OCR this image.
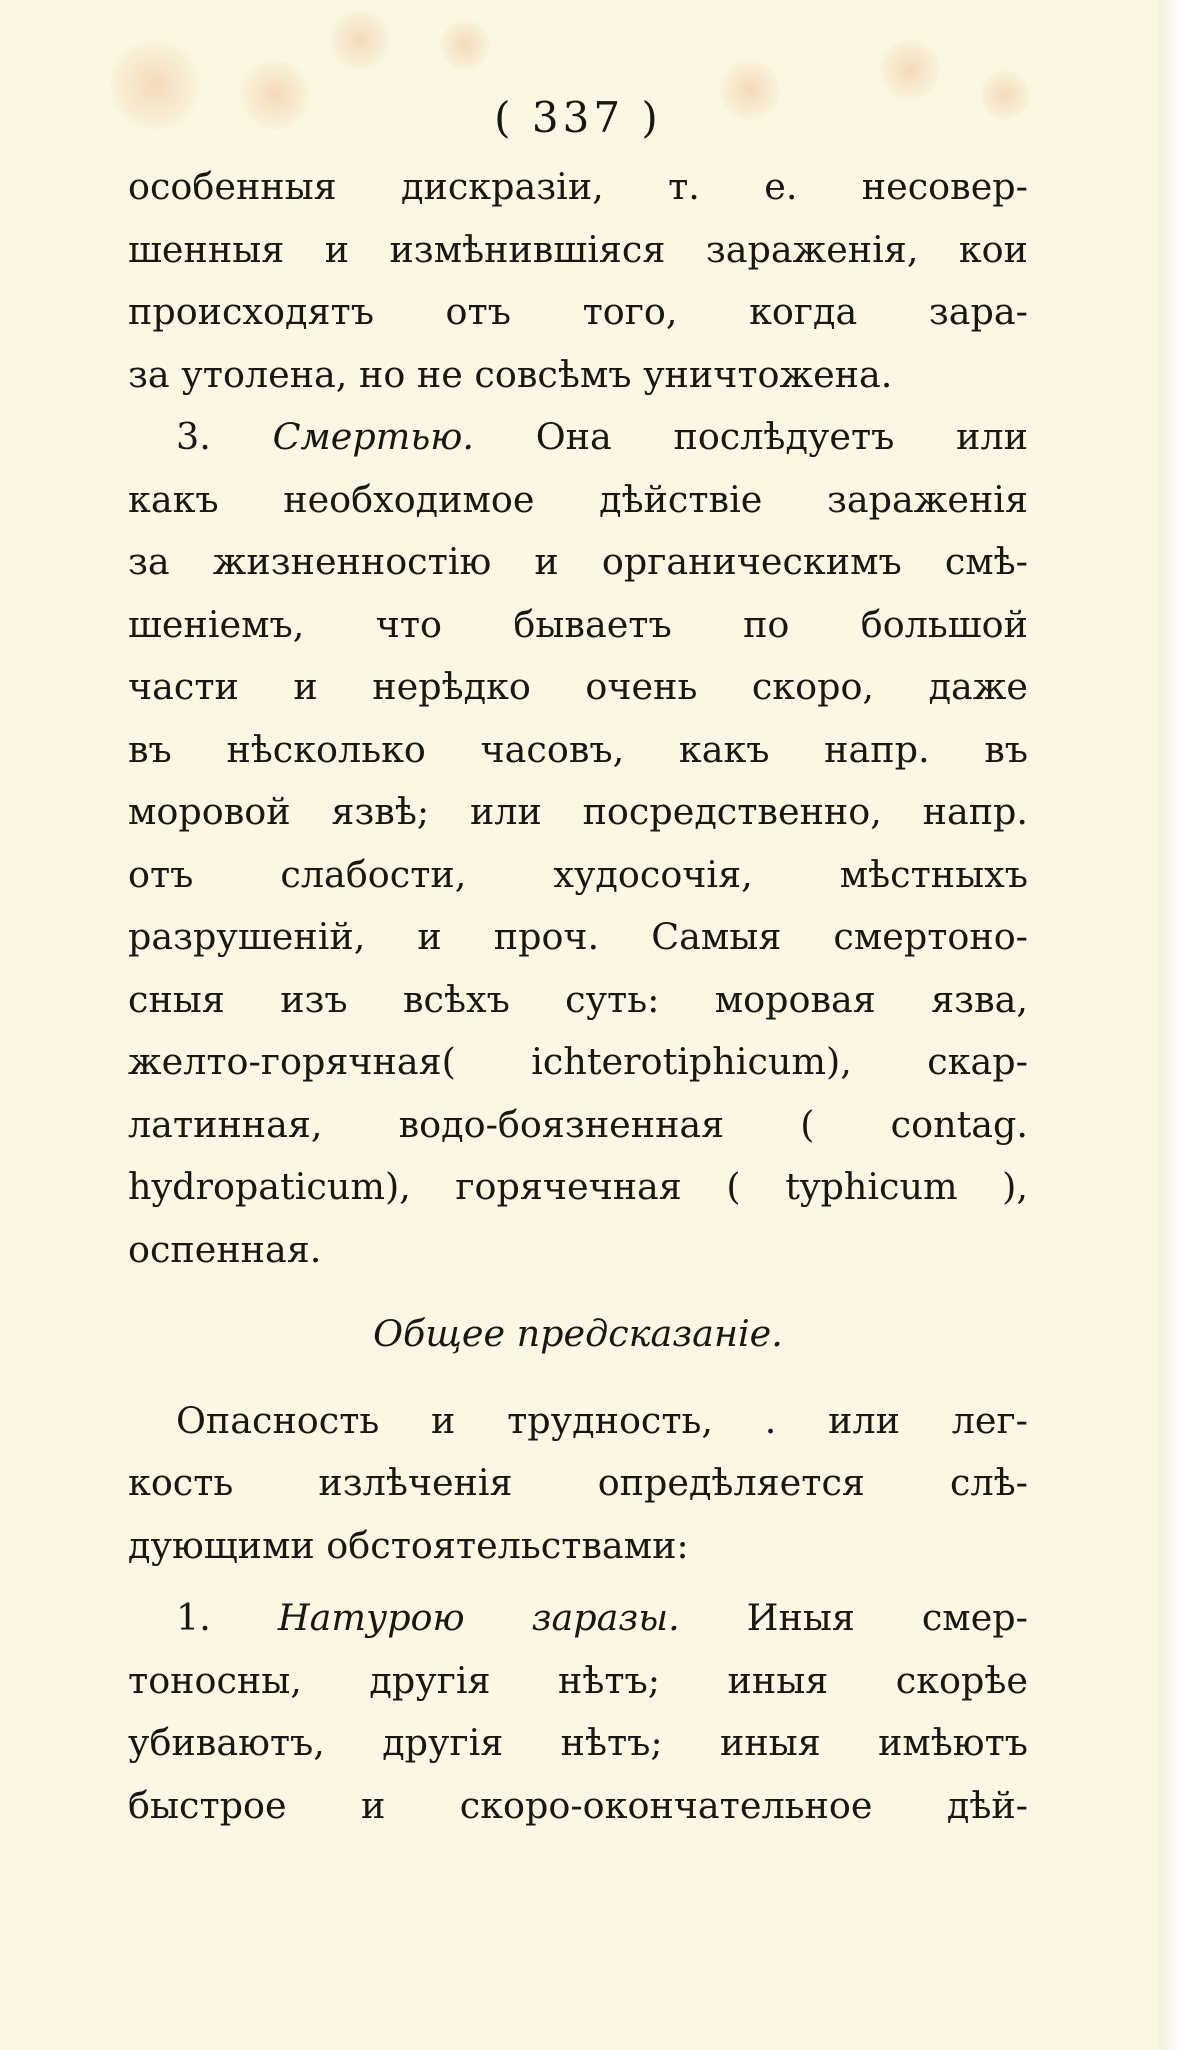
( 337 )
особенныя дискразіи, т. е. несовер-
шенныя и измѣнившіяся зараженія, кои
происходятъ отъ того, когда зара-
за утолена, но не совсѣмъ уничтожена.
3. Смертью. Она послѣдуетъ или
какъ необходимое дѣйствіе зараженія
за жизненностію и органическимъ смѣ-
шеніемъ, что бываетъ по большой
части и нерѣдко очень скоро, даже
въ нѣсколько часовъ, какъ напр. въ
моровой язвѣ; или посредственно, напр.
отъ слабости, худосочія, мѣстныхъ
разрушеній, и проч. Самыя смертоно-
сныя изъ всѣхъ суть: моровая язва,
желто-горячная( ichterotiphicum), скар-
латинная, водо-боязненная ( contag.
hydropaticum), горячечная ( typhicum ),
оспенная.
Общее предсказаніе.
Опасность и трудность, . или лег-
кость излѣченія опредѣляется слѣ-
дующими обстоятельствами:
1. Натурою заразы. Иныя смер-
тоносны, другія нѣтъ; иныя скорѣе
убиваютъ, другія нѣтъ; иныя имѣютъ
быстрое и скоро-окончательное дѣй-
